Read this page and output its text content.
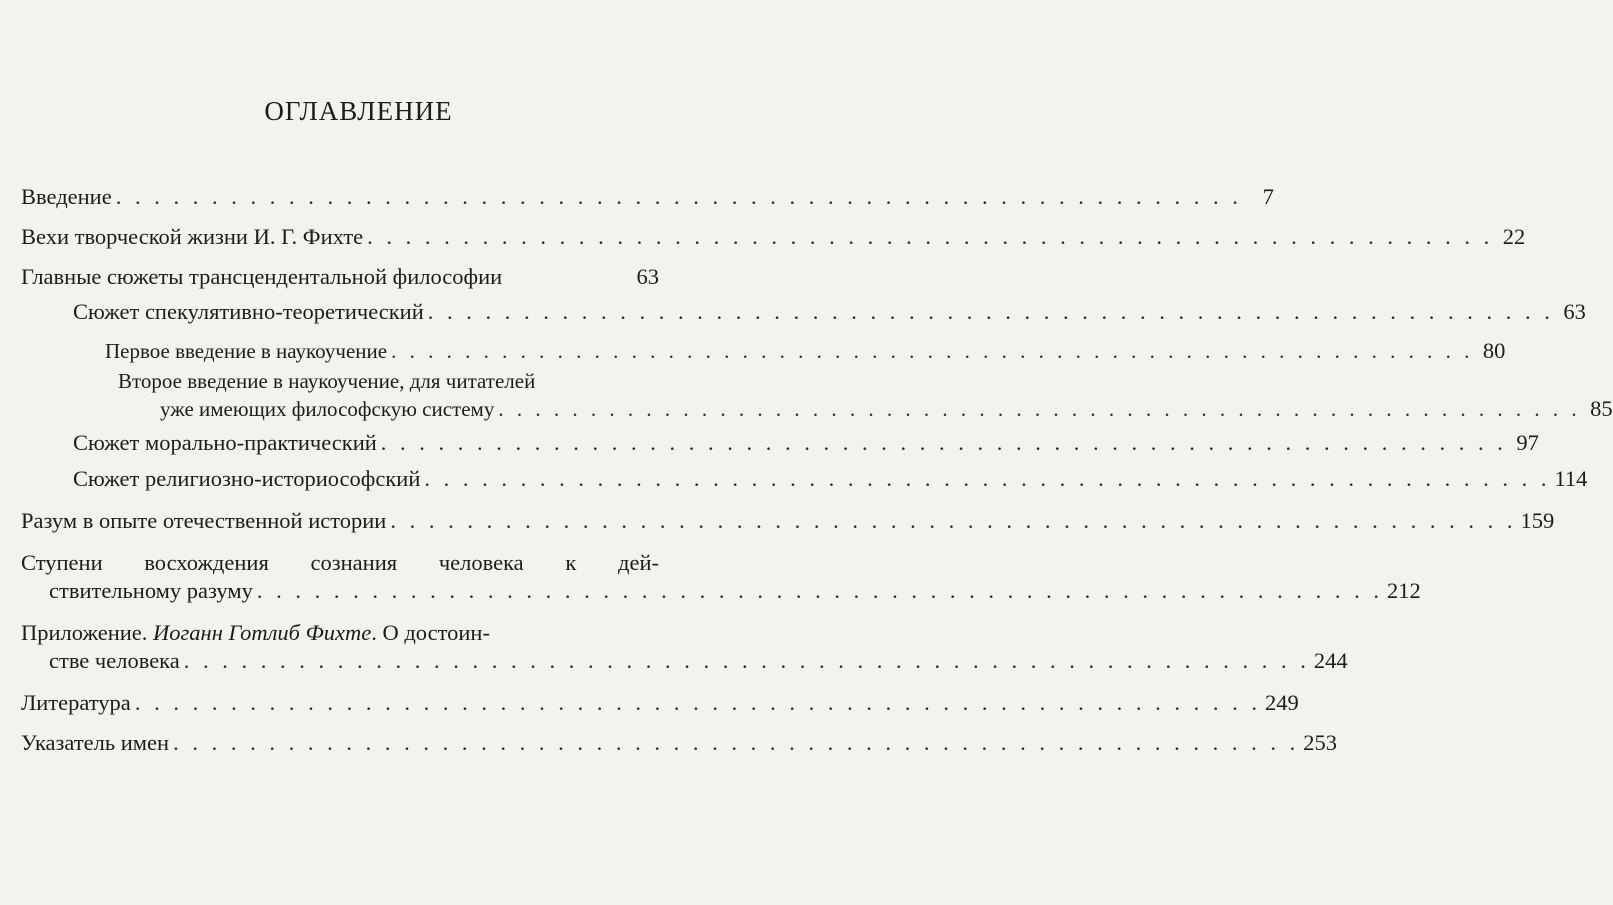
ОГЛАВЛЕНИЕ
Введение . . . . . . . . . . . . . . . . . . . . . . . . . . . . . . . . . . . . . . . . . . . . . . . . . . . . . . . . . . . 7
Вехи творческой жизни И. Г. Фихте . . . . . . . . . . . . . . . . . . . . . . . . . . . . . . . . . . . . . . . . . . . . . . . . . . . . . . . . . . . 22
Главные сюжеты трансцендентальной философии	63
Сюжет спекулятивно-теоретический . . . . . . . . . . . . . . . . . . . . . . . . . . . . . . . . . . . . . . . . . . . . . . . . . . . . . . . . . . . 63
Первое введение в наукоучение . . . . . . . . . . . . . . . . . . . . . . . . . . . . . . . . . . . . . . . . . . . . . . . . . . . . . . . . . . . 80
Второе введение в наукоучение, для читателей
уже имеющих философскую систему . . . . . . . . . . . . . . . . . . . . . . . . . . . . . . . . . . . . . . . . . . . . . . . . . . . . . . . . . . . 85
Сюжет морально-практический . . . . . . . . . . . . . . . . . . . . . . . . . . . . . . . . . . . . . . . . . . . . . . . . . . . . . . . . . . . 97
Сюжет религиозно-историософский . . . . . . . . . . . . . . . . . . . . . . . . . . . . . . . . . . . . . . . . . . . . . . . . . . . . . . . . . . . 114
Разум в опыте отечественной истории . . . . . . . . . . . . . . . . . . . . . . . . . . . . . . . . . . . . . . . . . . . . . . . . . . . . . . . . . . . 159
Ступени восхождения сознания человека к дей-
ствительному разуму . . . . . . . . . . . . . . . . . . . . . . . . . . . . . . . . . . . . . . . . . . . . . . . . . . . . . . . . . . . 212
Приложение. Иоганн Готлиб Фихте. О достоин-
стве человека . . . . . . . . . . . . . . . . . . . . . . . . . . . . . . . . . . . . . . . . . . . . . . . . . . . . . . . . . . . 244
Литература . . . . . . . . . . . . . . . . . . . . . . . . . . . . . . . . . . . . . . . . . . . . . . . . . . . . . . . . . . . 249
Указатель имен . . . . . . . . . . . . . . . . . . . . . . . . . . . . . . . . . . . . . . . . . . . . . . . . . . . . . . . . . . . 253
